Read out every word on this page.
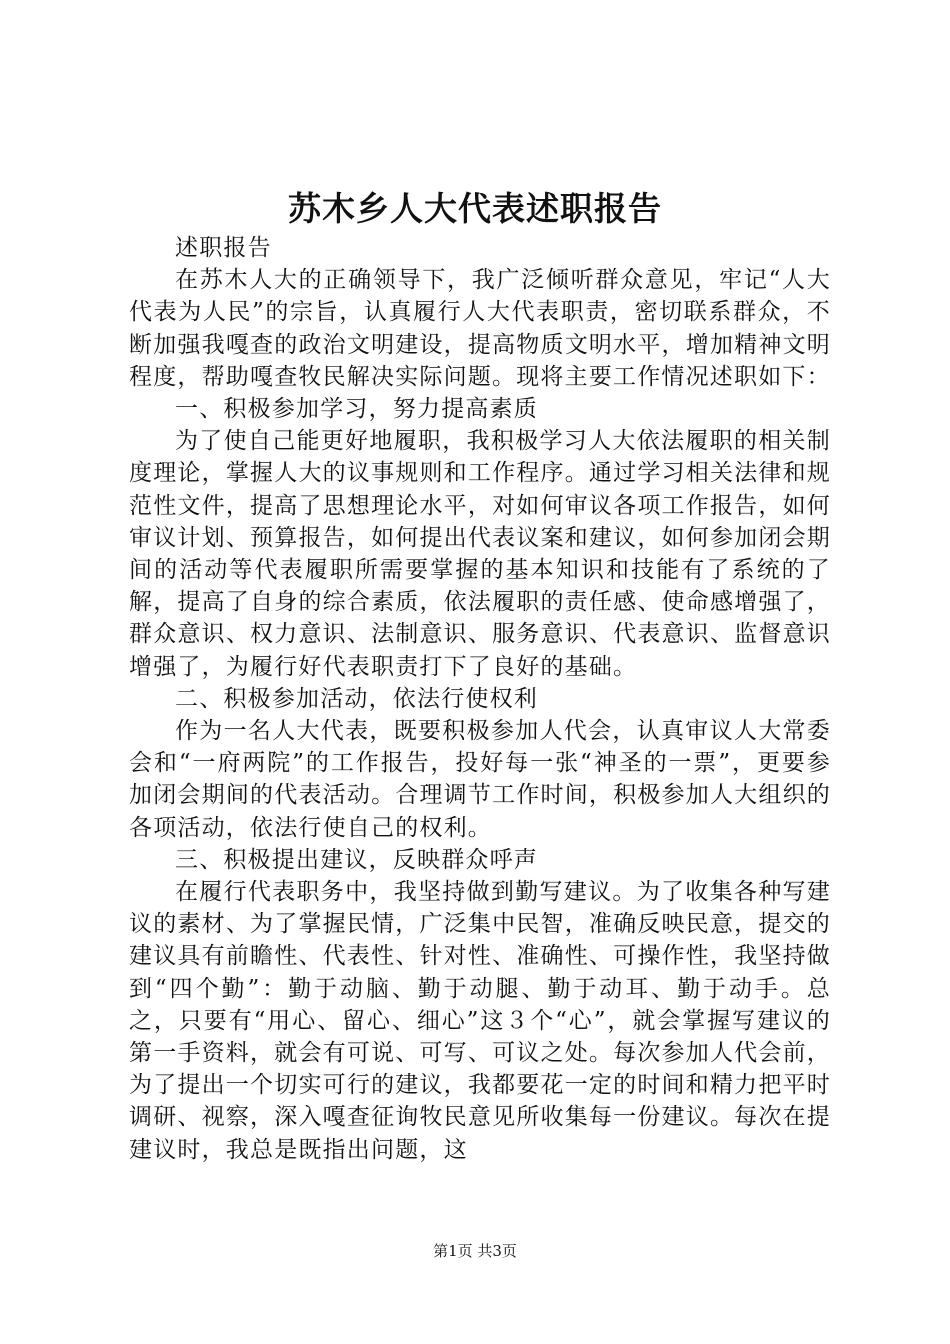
苏木乡人大代表述职报告

述职报告

在苏木人大的正确领导下，我广泛倾听群众意见，牢记“人大代表为人民”的宗旨，认真履行人大代表职责，密切联系群众，不断加强我嘎查的政治文明建设，提高物质文明水平，增加精神文明程度，帮助嘎查牧民解决实际问题。现将主要工作情况述职如下：

一、积极参加学习，努力提高素质

为了使自己能更好地履职，我积极学习人大依法履职的相关制度理论，掌握人大的议事规则和工作程序。通过学习相关法律和规范性文件，提高了思想理论水平，对如何审议各项工作报告，如何审议计划、预算报告，如何提出代表议案和建议，如何参加闭会期间的活动等代表履职所需要掌握的基本知识和技能有了系统的了解，提高了自身的综合素质，依法履职的责任感、使命感增强了，群众意识、权力意识、法制意识、服务意识、代表意识、监督意识增强了，为履行好代表职责打下了良好的基础。

二、积极参加活动，依法行使权利

作为一名人大代表，既要积极参加人代会，认真审议人大常委会和“一府两院”的工作报告，投好每一张“神圣的一票”，更要参加闭会期间的代表活动。合理调节工作时间，积极参加人大组织的各项活动，依法行使自己的权利。

三、积极提出建议，反映群众呼声

在履行代表职务中，我坚持做到勤写建议。为了收集各种写建议的素材、为了掌握民情，广泛集中民智，准确反映民意，提交的建议具有前瞻性、代表性、针对性、准确性、可操作性，我坚持做到“四个勤”：勤于动脑、勤于动腿、勤于动耳、勤于动手。总之，只要有“用心、留心、细心”这３个“心”，就会掌握写建议的第一手资料，就会有可说、可写、可议之处。每次参加人代会前，为了提出一个切实可行的建议，我都要花一定的时间和精力把平时调研、视察，深入嘎查征询牧民意见所收集每一份建议。每次在提建议时，我总是既指出问题，这

第1页 共3页
